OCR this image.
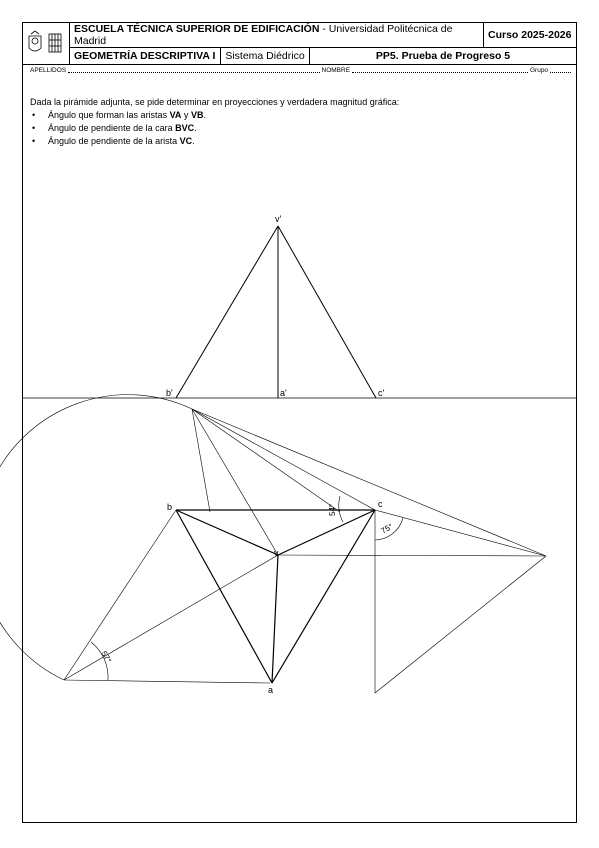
	ESCUELA TÉCNICA SUPERIOR DE EDIFICACIÓN - Universidad Politécnica de Madrid			Curso 2025-2026
	GEOMETRÍA DESCRIPTIVA I	Sistema Diédrico	PP5. Prueba de Progreso 5	
APELLIDOS	NOMBRE	Grupo
Dada la pirámide adjunta, se pide determinar en proyecciones y verdadera magnitud gráfica:
• Ángulo que forman las aristas VA y VB.
• Ángulo de pendiente de la cara BVC.
• Ángulo de pendiente de la arista VC.
v'
b'	a'	c'
b	c
v
a
54°
75°
57°
